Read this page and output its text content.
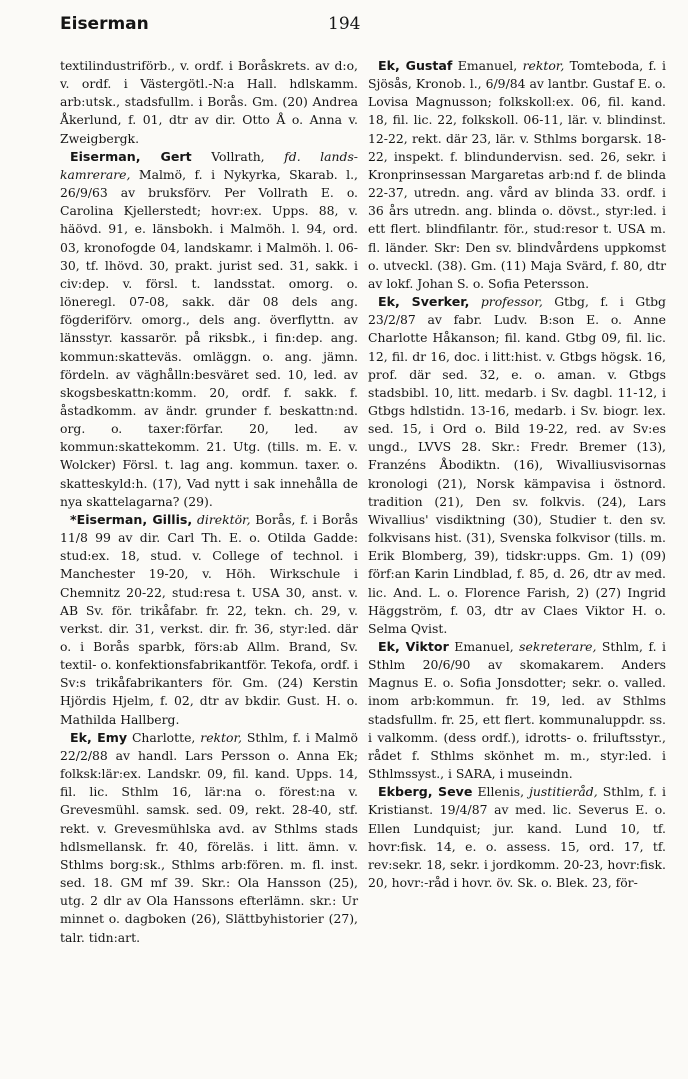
Eiserman	194

textilindustriförb., v. ordf. i Boråskrets. av d:o, v. ordf. i Västergötl.-N:a Hall. hdlskamm. arb:utsk., stadsfullm. i Borås. Gm. (20) Andrea Åkerlund, f. 01, dtr av dir. Otto Å o. Anna v. Zweigbergk.

Eiserman, Gert Vollrath, fd. lands-kamrerare, Malmö, f. i Nykyrka, Skarab. l., 26/9/63 av bruksförv. Per Vollrath E. o. Carolina Kjellerstedt; hovr:ex. Upps. 88, v. häövd. 91, e. länsbokh. i Malmöh. l. 94, ord. 03, kronofogde 04, landskamr. i Malmöh. l. 06-30, tf. lhövd. 30, prakt. jurist sed. 31, sakk. i civ:dep. v. försl. t. landsstat. omorg. o. löneregl. 07-08, sakk. där 08 dels ang. fögderiförv. omorg., dels ang. överflyttn. av länsstyr. kassarör. på riksbk., i fin:dep. ang. kommun:skatteväs. omläggn. o. ang. jämn. fördeln. av väghålln:besväret sed. 10, led. av skogsbeskattn:komm. 20, ordf. f. sakk. f. åstadkomm. av ändr. grunder f. beskattn:nd. org. o. taxer:förfar. 20, led. av kommun:skattekomm. 21. Utg. (tills. m. E. v. Wolcker) Försl. t. lag ang. kommun. taxer. o. skatteskyld:h. (17), Vad nytt i sak innehålla de nya skattelagarna? (29).

*Eiserman, Gillis, direktör, Borås, f. i Borås 11/8 99 av dir. Carl Th. E. o. Otilda Gadde: stud:ex. 18, stud. v. College of technol. i Manchester 19-20, v. Höh. Wirkschule i Chemnitz 20-22, stud:resa t. USA 30, anst. v. AB Sv. för. trikåfabr. fr. 22, tekn. ch. 29, v. verkst. dir. 31, verkst. dir. fr. 36, styr:led. där o. i Borås sparbk, förs:ab Allm. Brand, Sv. textil- o. konfektionsfabrikantför. Tekofa, ordf. i Sv:s trikåfabrikanters för. Gm. (24) Kerstin Hjördis Hjelm, f. 02, dtr av bkdir. Gust. H. o. Mathilda Hallberg.

Ek, Emy Charlotte, rektor, Sthlm, f. i Malmö 22/2/88 av handl. Lars Persson o. Anna Ek; folksk:lär:ex. Landskr. 09, fil. kand. Upps. 14, fil. lic. Sthlm 16, lär:na o. förest:na v. Grevesmühl. samsk. sed. 09, rekt. 28-40, stf. rekt. v. Grevesmühlska avd. av Sthlms stads hdlsmellansk. fr. 40, föreläs. i litt. ämn. v. Sthlms borg:sk., Sthlms arb:fören. m. fl. inst. sed. 18. GM mf 39. Skr.: Ola Hansson (25), utg. 2 dlr av Ola Hanssons efterlämn. skr.: Ur minnet o. dagboken (26), Slättbyhistorier (27), talr. tidn:art.

Ek, Gustaf Emanuel, rektor, Tomteboda, f. i Sjösås, Kronob. l., 6/9/84 av lantbr. Gustaf E. o. Lovisa Magnusson; folkskoll:ex. 06, fil. kand. 18, fil. lic. 22, folkskoll. 06-11, lär. v. blindinst. 12-22, rekt. där 23, lär. v. Sthlms borgarsk. 18-22, inspekt. f. blindundervisn. sed. 26, sekr. i Kronprinsessan Margaretas arb:nd f. de blinda 22-37, utredn. ang. vård av blinda 33. ordf. i 36 års utredn. ang. blinda o. dövst., styr:led. i ett flert. blindfilantr. för., stud:resor t. USA m. fl. länder. Skr: Den sv. blindvårdens uppkomst o. utveckl. (38). Gm. (11) Maja Svärd, f. 80, dtr av lokf. Johan S. o. Sofia Petersson.

Ek, Sverker, professor, Gtbg, f. i Gtbg 23/2/87 av fabr. Ludv. B:son E. o. Anne Charlotte Håkanson; fil. kand. Gtbg 09, fil. lic. 12, fil. dr 16, doc. i litt:hist. v. Gtbgs högsk. 16, prof. där sed. 32, e. o. aman. v. Gtbgs stadsbibl. 10, litt. medarb. i Sv. dagbl. 11-12, i Gtbgs hdlstidn. 13-16, medarb. i Sv. biogr. lex. sed. 15, i Ord o. Bild 19-22, red. av Sv:es ungd., LVVS 28. Skr.: Fredr. Bremer (13), Franzéns Åbodiktn. (16), Wivalliusvisornas kronologi (21), Norsk kämpavisa i östnord. tradition (21), Den sv. folkvis. (24), Lars Wivallius' visdiktning (30), Studier t. den sv. folkvisans hist. (31), Svenska folkvisor (tills. m. Erik Blomberg, 39), tidskr:upps. Gm. 1) (09) förf:an Karin Lindblad, f. 85, d. 26, dtr av med. lic. And. L. o. Florence Farish, 2) (27) Ingrid Häggström, f. 03, dtr av Claes Viktor H. o. Selma Qvist.

Ek, Viktor Emanuel, sekreterare, Sthlm, f. i Sthlm 20/6/90 av skomakarem. Anders Magnus E. o. Sofia Jonsdotter; sekr. o. valled. inom arb:kommun. fr. 19, led. av Sthlms stadsfullm. fr. 25, ett flert. kommunaluppdr. ss. i valkomm. (dess ordf.), idrotts- o. friluftsstyr., rådet f. Sthlms skönhet m. m., styr:led. i Sthlmssyst., i SARA, i museindn.

Ekberg, Seve Ellenis, justitieråd, Sthlm, f. i Kristianst. 19/4/87 av med. lic. Severus E. o. Ellen Lundquist; jur. kand. Lund 10, tf. hovr:fisk. 14, e. o. assess. 15, ord. 17, tf. rev:sekr. 18, sekr. i jordkomm. 20-23, hovr:fisk. 20, hovr:-råd i hovr. öv. Sk. o. Blek. 23, för-
